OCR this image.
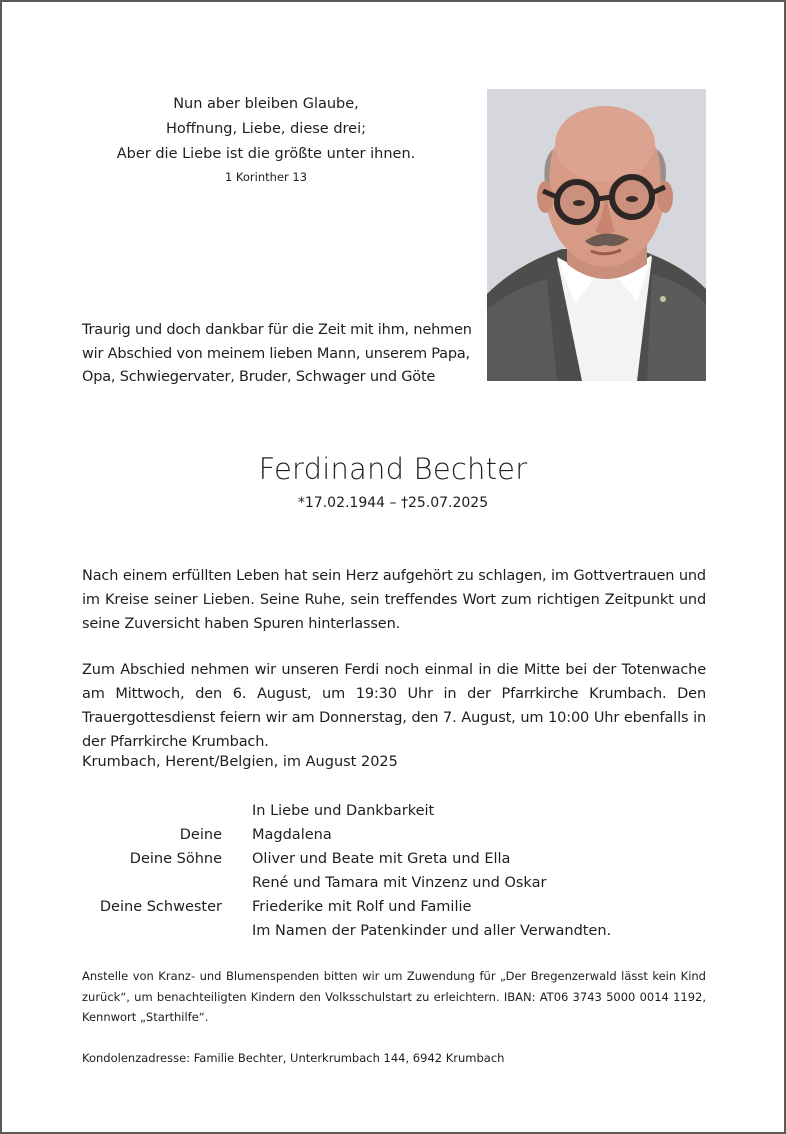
Nun aber bleiben Glaube,
Hoffnung, Liebe, diese drei;
Aber die Liebe ist die größte unter ihnen.
1 Korinther 13
Traurig und doch dankbar für die Zeit mit ihm, nehmen
wir Abschied von meinem lieben Mann, unserem Papa,
Opa, Schwiegervater, Bruder, Schwager und Göte
Ferdinand Bechter
*17.02.1944 – †25.07.2025
Nach einem erfüllten Leben hat sein Herz aufgehört zu schlagen, im Gottvertrauen und im Kreise seiner Lieben. Seine Ruhe, sein treffendes Wort zum richtigen Zeitpunkt und seine Zuversicht haben Spuren hinterlassen.
Zum Abschied nehmen wir unseren Ferdi noch einmal in die Mitte bei der Totenwache am Mittwoch, den 6. August, um 19:30 Uhr in der Pfarrkirche Krumbach. Den Trauergottesdienst feiern wir am Donnerstag, den 7. August, um 10:00 Uhr ebenfalls in der Pfarrkirche Krumbach.
Krumbach, Herent/Belgien, im August 2025
In Liebe und Dankbarkeit
Deine Magdalena
Deine Söhne Oliver und Beate mit Greta und Ella
René und Tamara mit Vinzenz und Oskar
Deine Schwester Friederike mit Rolf und Familie
Im Namen der Patenkinder und aller Verwandten.
Anstelle von Kranz- und Blumenspenden bitten wir um Zuwendung für „Der Bregenzerwald lässt kein Kind zurück“, um benachteiligten Kindern den Volksschulstart zu erleichtern. IBAN: AT06 3743 5000 0014 1192, Kennwort „Starthilfe“.
Kondolenzadresse: Familie Bechter, Unterkrumbach 144, 6942 Krumbach
